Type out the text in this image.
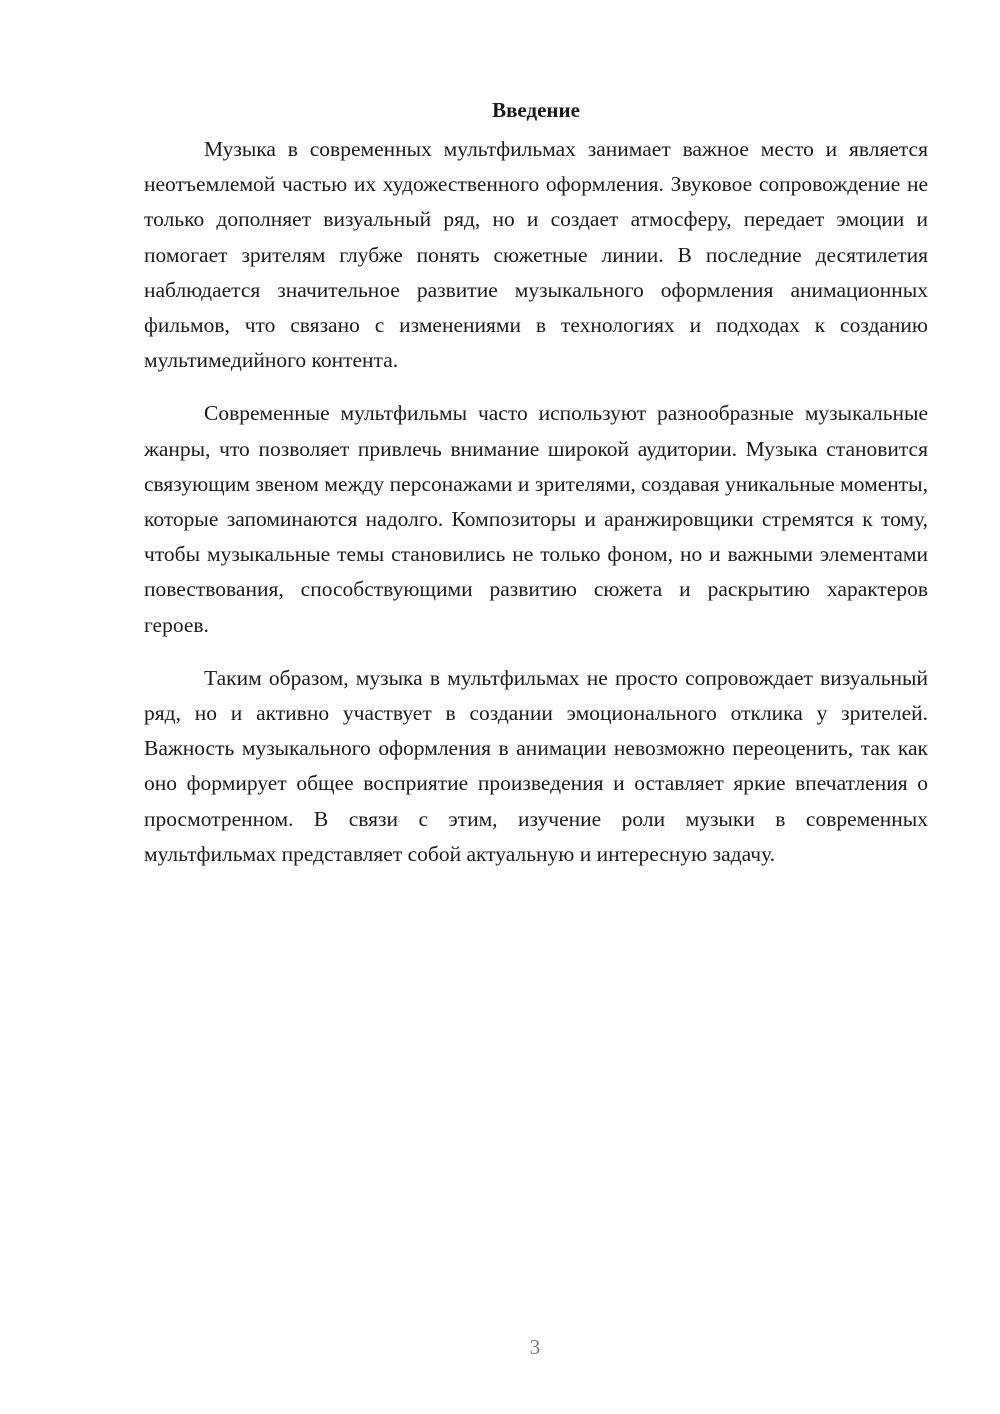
Введение

Музыка в современных мультфильмах занимает важное место и является неотъемлемой частью их художественного оформления. Звуковое сопровождение не только дополняет визуальный ряд, но и создает атмосферу, передает эмоции и помогает зрителям глубже понять сюжетные линии. В последние десятилетия наблюдается значительное развитие музыкального оформления анимационных фильмов, что связано с изменениями в технологиях и подходах к созданию мультимедийного контента.

Современные мультфильмы часто используют разнообразные музыкальные жанры, что позволяет привлечь внимание широкой аудитории. Музыка становится связующим звеном между персонажами и зрителями, создавая уникальные моменты, которые запоминаются надолго. Композиторы и аранжировщики стремятся к тому, чтобы музыкальные темы становились не только фоном, но и важными элементами повествования, способствующими развитию сюжета и раскрытию характеров героев.

Таким образом, музыка в мультфильмах не просто сопровождает визуальный ряд, но и активно участвует в создании эмоционального отклика у зрителей. Важность музыкального оформления в анимации невозможно переоценить, так как оно формирует общее восприятие произведения и оставляет яркие впечатления о просмотренном. В связи с этим, изучение роли музыки в современных мультфильмах представляет собой актуальную и интересную задачу.

3
